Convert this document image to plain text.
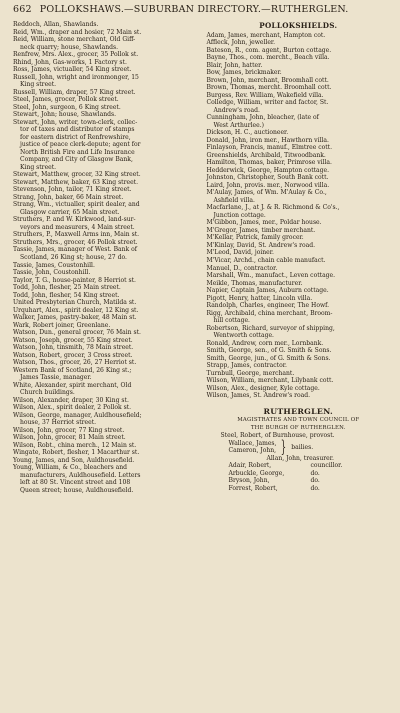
662 POLLOKSHAWS.—SUBURBAN DIRECTORY.—RUTHERGLEN.
Reddoch, Allan, Shawlands.
Reid, Wm., draper and hosier, 72 Main st.
Reid, William, stone merchant, Old Giff-
neck quarry; house, Shawlands.
Renfrew, Mrs. Alex., grocer, 35 Pollok st.
Rhind, John, Gas-works, 1 Factory st.
Ross, James, victualler, 54 King street.
Russell, John, wright and ironmonger, 15
King street.
Russell, William, draper, 57 King street.
Steel, James, grocer, Pollok street.
Steel, John, surgeon, 6 King street.
Stewart, John; house, Shawlands.
Stewart, John, writer, town-clerk, collec-
tor of taxes and distributor of stamps
for eastern district of Renfrewshire,
justice of peace clerk-depute; agent for
North British Fire and Life Insurance
Company, and City of Glasgow Bank,
King street.
Stewart, Matthew, grocer, 32 King street.
Stewart, Matthew, baker, 63 King street.
Stevenson, John, tailor, 71 King street.
Strang, John, baker, 66 Main street.
Strang, Wm., victualler, spirit dealer, and
Glasgow carrier, 65 Main street.
Struthers, P. and W. Kirkwood, land-sur-
veyors and measurers, 4 Main street.
Struthers, P., Maxwell Arms inn, Main st.
Struthers, Mrs., grocer, 46 Pollok street.
Tassie, James, manager of West. Bank of
Scotland, 26 King st; house, 27 do.
Tassie, James, Coustonhill.
Tassie, John, Coustonhill.
Taylor, T. G., house-painter, 8 Herriot st.
Todd, John, flesher, 25 Main street.
Todd, John, flesher, 54 King street.
United Presbyterian Church, Matilda st.
Urquhart, Alex., spirit dealer, 12 King st.
Walker, James, pastry-baker, 48 Main st.
Wark, Robert joiner, Greenlane.
Watson, Dun., general grocer, 76 Main st.
Watson, Joseph, grocer, 55 King street.
Watson, John, tinsmith, 78 Main street.
Watson, Robert, grocer, 3 Cross street.
Watson, Thos., grocer, 26, 27 Herriot st.
Western Bank of Scotland, 26 King st.;
James Tassie, manager.
White, Alexander, spirit merchant, Old
Church buildings.
Wilson, Alexander, draper, 30 King st.
Wilson, Alex., spirit dealer, 2 Pollok st.
Wilson, George, manager, Auldhousefield;
house, 37 Herriot street.
Wilson, John, grocer, 77 King street.
Wilson, John, grocer, 81 Main street.
Wilson, Robt., china merch., 12 Main st.
Wingate, Robert, flesher, 1 Macarthur st.
Young, James, and Son, Auldhousefield.
Young, William, & Co., bleachers and
manufacturers, Auldhousefield. Letters
left at 80 St. Vincent street and 108
Queen street; house, Auldhousefield.
POLLOKSHIELDS.
Adam, James, merchant, Hampton cot.
Affleck, John, jeweller.
Bateson, R., com. agent, Burton cottage.
Bayne, Thos., com. mercht., Beach villa.
Blair, John, hatter.
Bow, James, brickmaker.
Brown, John, merchant, Broomhall cott.
Brown, Thomas, mercht. Broomhall cott.
Burgess, Rev. William, Wakefield villa.
Colledge, William, writer and factor, St.
Andrew's road.
Cunningham, John, bleacher, (late of
West Arthurlee.)
Dickson, H. C., auctioneer.
Donald, John, iron mer., Hawthorn villa.
Finlayson, Francis, manuf., Elmtree cott.
Greenshields, Archibald, Titwoodbank.
Hamilton, Thomas, baker, Primrose villa.
Hedderwick, George, Hampton cottage.
Johnston, Christopher, South Bank cott.
Laird, John, provis. mer., Norwood villa.
M'Aulay, James, of Wm. M'Aulay & Co.,
Ashfield villa.
Macfarlane, J., at J. & R. Richmond & Co's.,
Junction cottage.
M'Gibbon, James, mer., Poldar house.
M'Gregor, James, timber merchant.
M'Kellar, Patrick, family grocer.
M'Kinlay, David, St. Andrew's road.
M'Leod, David, joiner.
M'Vicar, Archd., chain cable manufact.
Manuel, D., contractor.
Marshall, Wm., manufact., Leven cottage.
Meikle, Thomas, manufacturer.
Napier, Captain James, Auburn cottage.
Pigott, Henry, hatter, Lincoln villa.
Randolph, Charles, engineer, The Howf.
Rigg, Archibald, china merchant, Broom-
hill cottage.
Robertson, Richard, surveyor of shipping,
Wentworth cottage.
Ronald, Andrew, corn mer., Lornbank.
Smith, George, sen., of G. Smith & Sons.
Smith, George, jun., of G. Smith & Sons.
Strapp, James, contractor.
Turnbull, George, merchant.
Wilson, William, merchant, Lilybank cott.
Wilson, Alex., designer, Kyle cottage.
Wilson, James, St. Andrew's road.
RUTHERGLEN.
MAGISTRATES AND TOWN COUNCIL OF
THE BURGH OF RUTHERGLEN.
Steel, Robert, of Burnhouse, provost.
Wallace, James,
Cameron, John, } bailies.
Allan, John, treasurer.
Adair, Robert,	councillor.
Arbuckle, George,	do.
Bryson, John,	do.
Forrest, Robert,	do.
